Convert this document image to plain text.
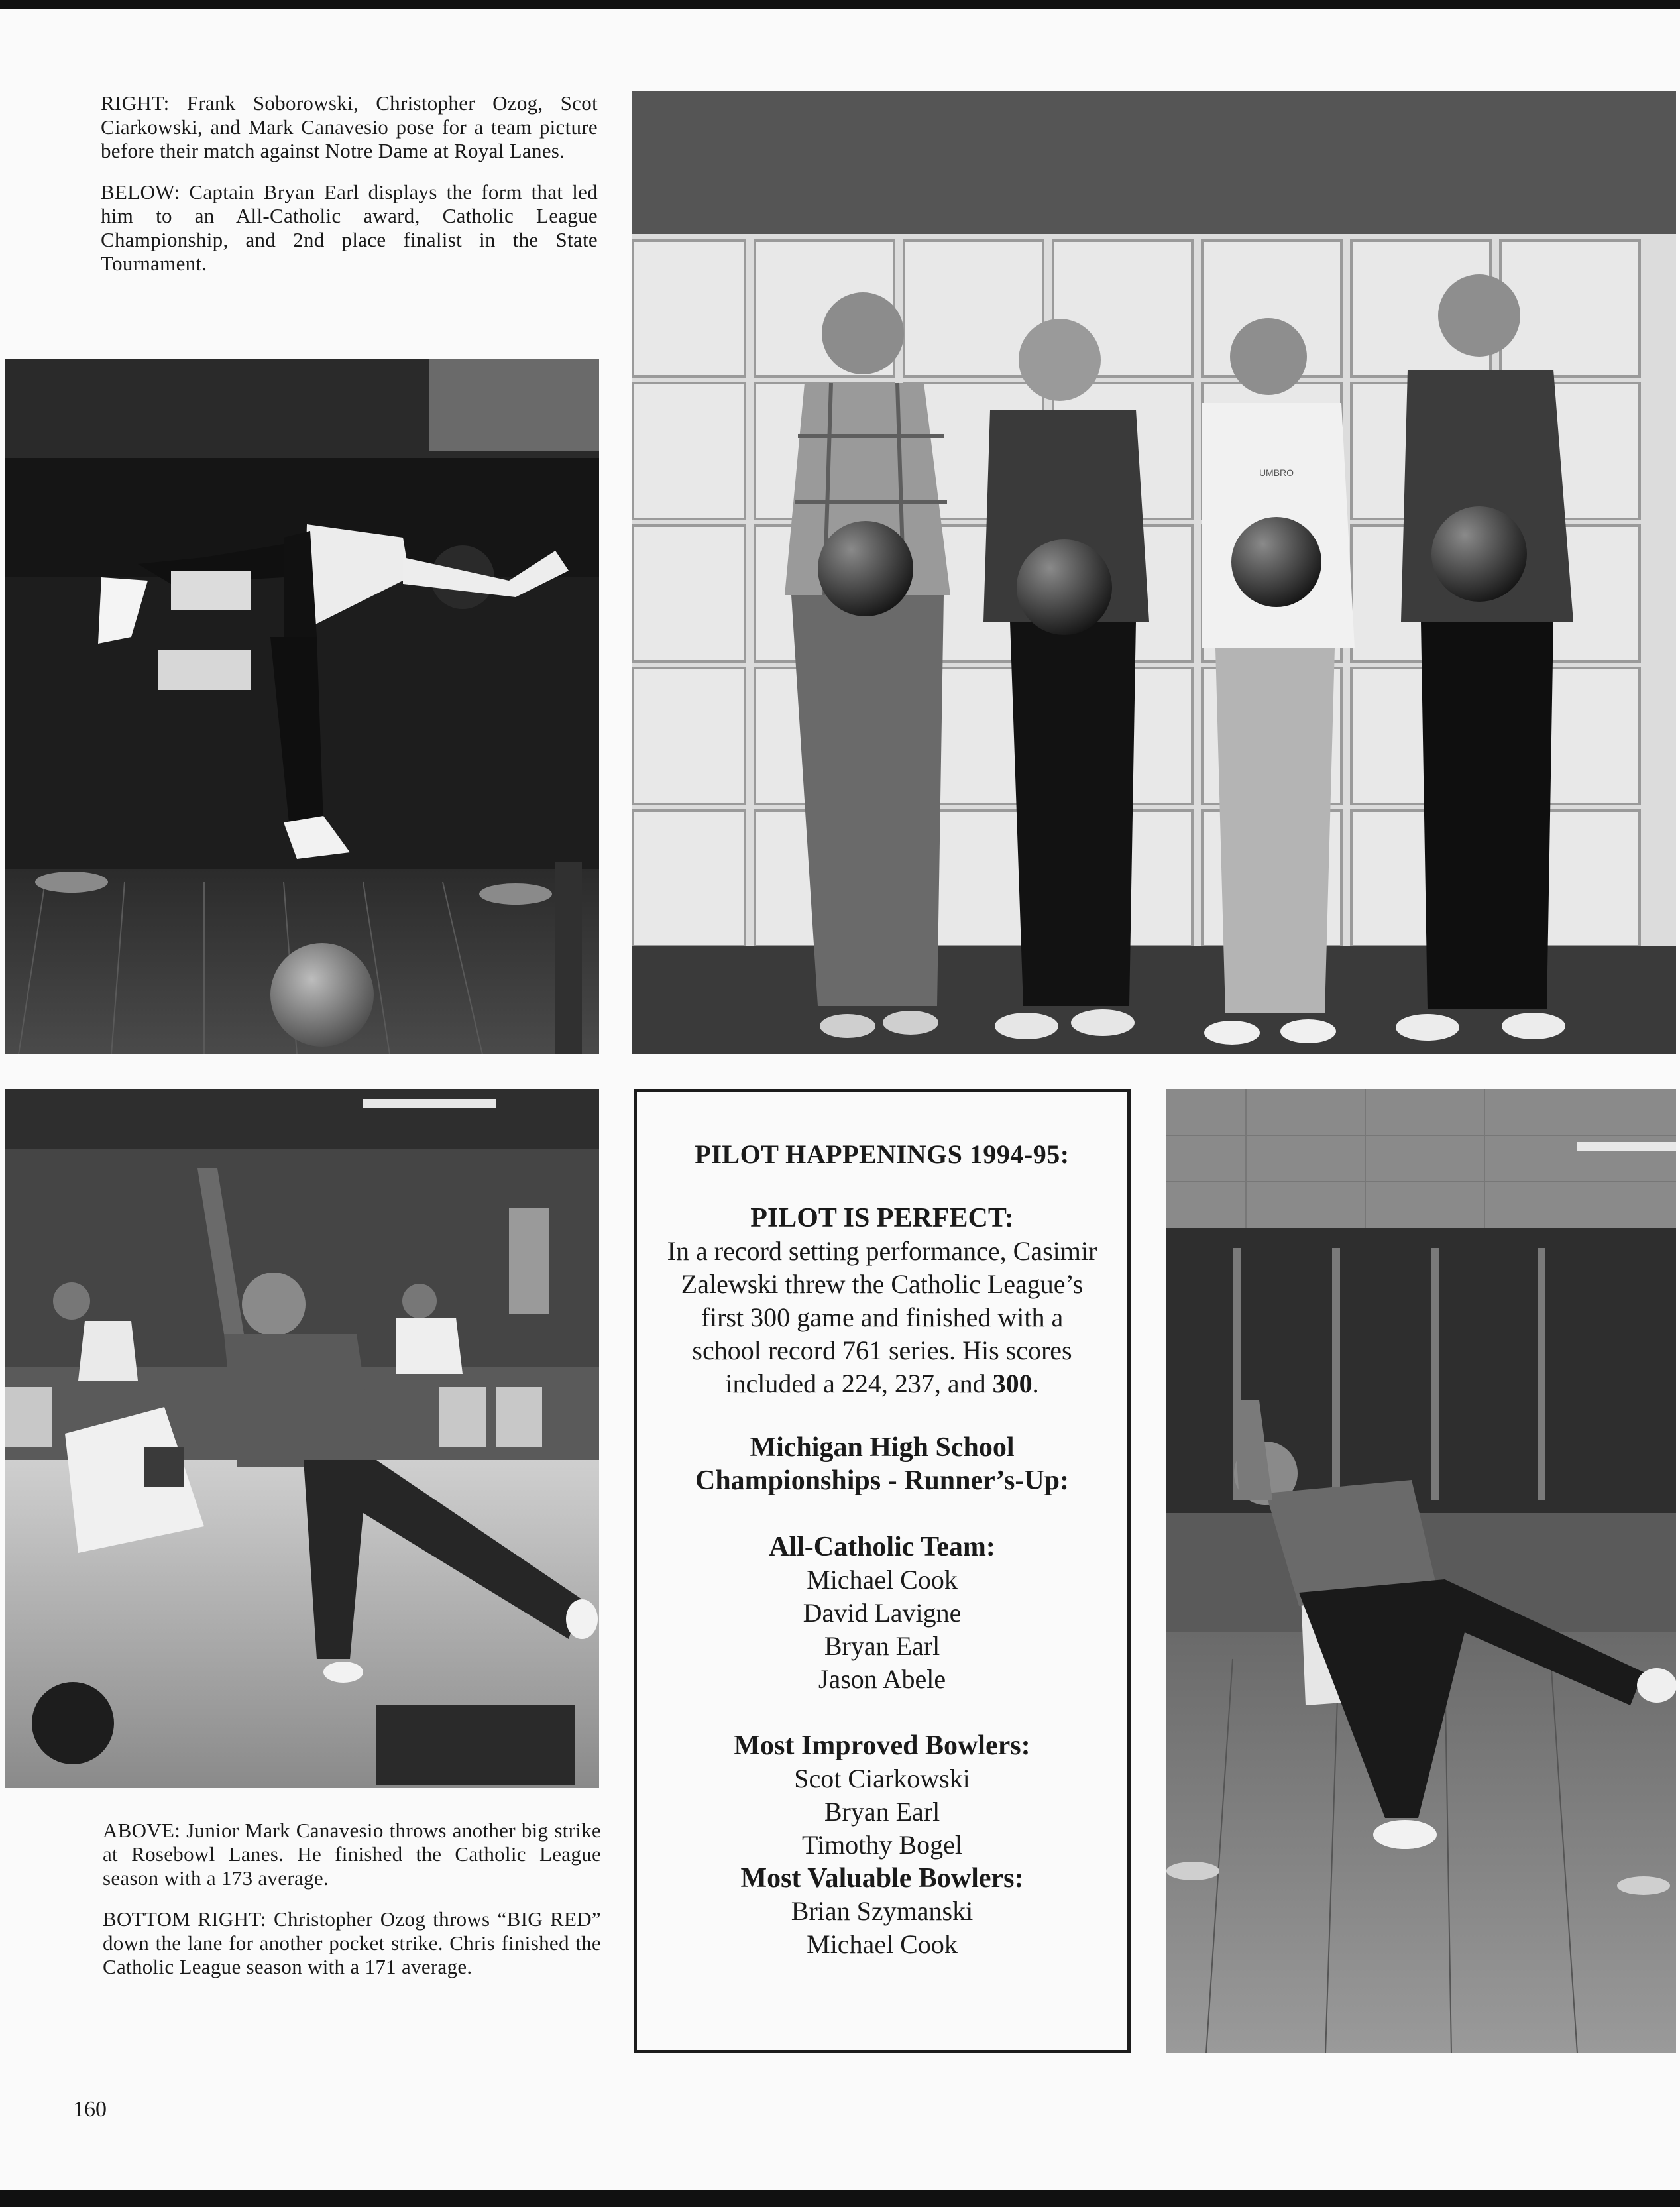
RIGHT: Frank Soborowski, Christopher Ozog, Scot Ciarkowski, and Mark Canavesio pose for a team picture before their match against Notre Dame at Royal Lanes.

BELOW: Captain Bryan Earl displays the form that led him to an All-Catholic award, Catholic League Championship, and 2nd place finalist in the State Tournament.

UMBRO

ABOVE: Junior Mark Canavesio throws another big strike at Rosebowl Lanes. He finished the Catholic League season with a 173 average.

BOTTOM RIGHT: Christopher Ozog throws “BIG RED” down the lane for another pocket strike. Chris finished the Catholic League season with a 171 average.

PILOT HAPPENINGS 1994-95:
PILOT IS PERFECT:
In a record setting performance, Casimir Zalewski threw the Catholic League’s first 300 game and finished with a school record 761 series. His scores included a 224, 237, and 300.
Michigan High School Championships - Runner’s-Up:
All-Catholic Team:
Michael Cook
David Lavigne
Bryan Earl
Jason Abele
Most Improved Bowlers:
Scot Ciarkowski
Bryan Earl
Timothy Bogel
Most Valuable Bowlers:
Brian Szymanski
Michael Cook
160
